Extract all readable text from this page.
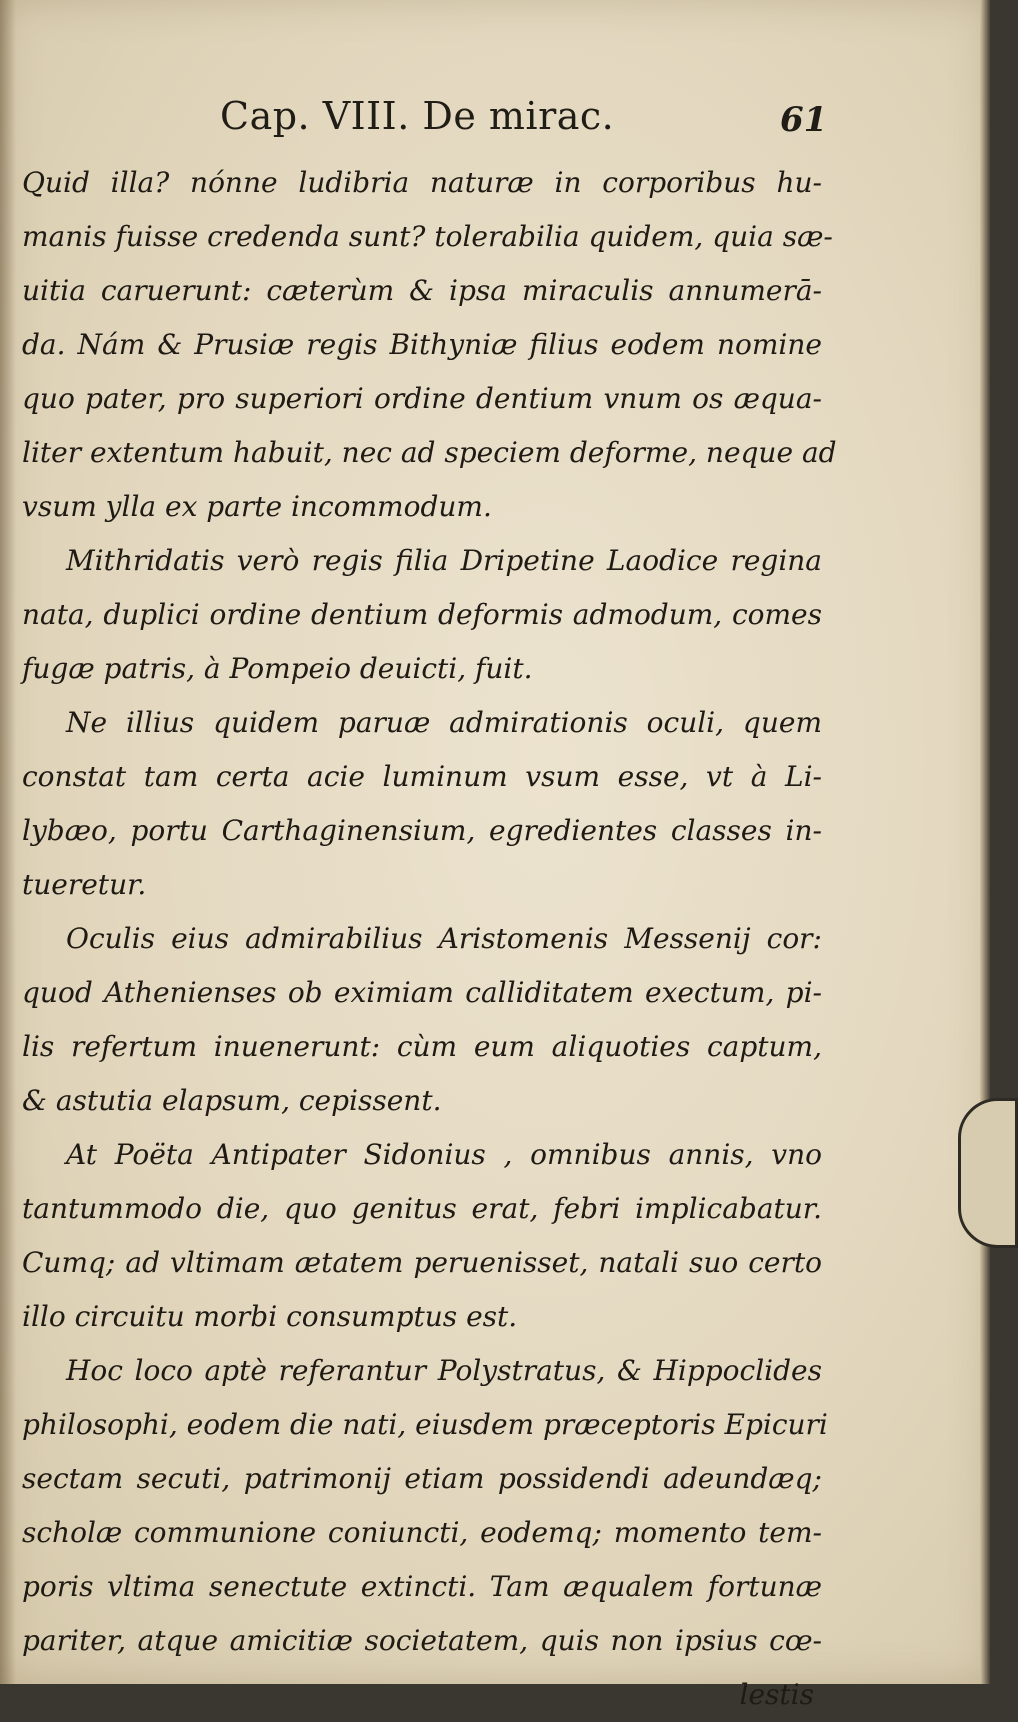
Cap. VIII. De mirac.	61
Quid illa? nónne ludibria naturæ in corporibus hu-
manis fuisse credenda sunt? tolerabilia quidem, quia sæ-
uitia caruerunt: cæterùm & ipsa miraculis annumerā-
da. Nám & Prusiæ regis Bithyniæ filius eodem nomine
quo pater, pro superiori ordine dentium vnum os æqua-
liter extentum habuit, nec ad speciem deforme, neque ad
vsum ylla ex parte incommodum.
Mithridatis verò regis filia Dripetine Laodice regina
nata, duplici ordine dentium deformis admodum, comes
fugæ patris, à Pompeio deuicti, fuit.
Ne illius quidem paruæ admirationis oculi, quem
constat tam certa acie luminum vsum esse, vt à Li-
lybæo, portu Carthaginensium, egredientes classes in-
tueretur.
Oculis eius admirabilius Aristomenis Messenij cor:
quod Athenienses ob eximiam calliditatem exectum, pi-
lis refertum inuenerunt: cùm eum aliquoties captum,
& astutia elapsum, cepissent.
At Poëta Antipater Sidonius , omnibus annis, vno
tantummodo die, quo genitus erat, febri implicabatur.
Cumq; ad vltimam ætatem peruenisset, natali suo certo
illo circuitu morbi consumptus est.
Hoc loco aptè referantur Polystratus, & Hippoclides
philosophi, eodem die nati, eiusdem præceptoris Epicuri
sectam secuti, patrimonij etiam possidendi adeundæq;
scholæ communione coniuncti, eodemq; momento tem-
poris vltima senectute extincti. Tam æqualem fortunæ
pariter, atque amicitiæ societatem, quis non ipsius cœ-
lestis
